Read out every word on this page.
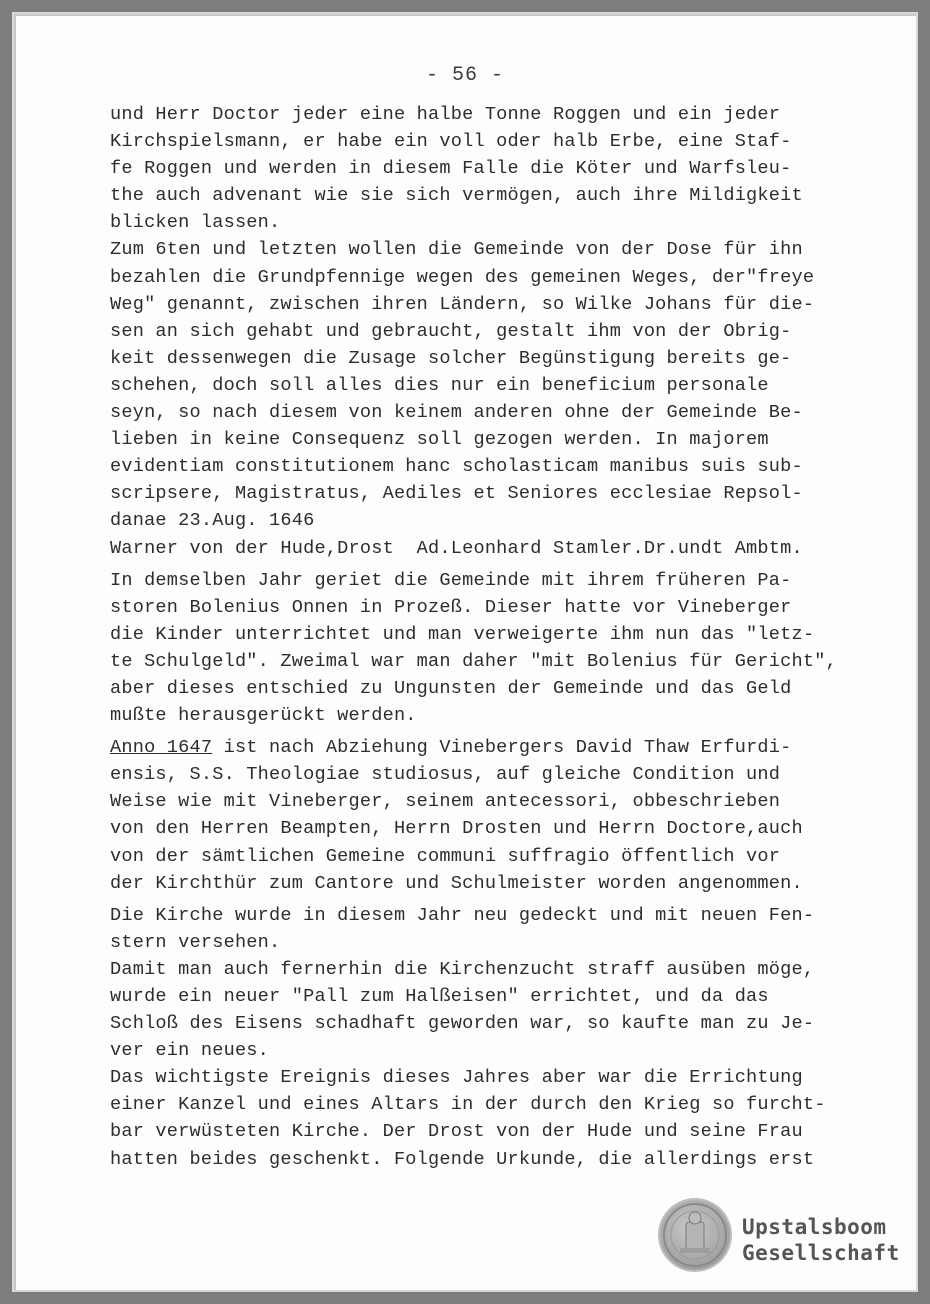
- 56 -
und Herr Doctor jeder eine halbe Tonne Roggen und ein jeder
Kirchspielsmann, er habe ein voll oder halb Erbe, eine Staf-
fe Roggen und werden in diesem Falle die Köter und Warfsleu-
the auch advenant wie sie sich vermögen, auch ihre Mildigkeit
blicken lassen.
Zum 6ten und letzten wollen die Gemeinde von der Dose für ihn
bezahlen die Grundpfennige wegen des gemeinen Weges, der"freye
Weg" genannt, zwischen ihren Ländern, so Wilke Johans für die-
sen an sich gehabt und gebraucht, gestalt ihm von der Obrig-
keit dessenwegen die Zusage solcher Begünstigung bereits ge-
schehen, doch soll alles dies nur ein beneficium personale
seyn, so nach diesem von keinem anderen ohne der Gemeinde Be-
lieben in keine Consequenz soll gezogen werden. In majorem
evidentiam constitutionem hanc scholasticam manibus suis sub-
scripsere, Magistratus, Aediles et Seniores ecclesiae Repsol-
danae 23.Aug. 1646
Warner von der Hude,Drost  Ad.Leonhard Stamler.Dr.undt Ambtm.
In demselben Jahr geriet die Gemeinde mit ihrem früheren Pa-
storen Bolenius Onnen in Prozeß. Dieser hatte vor Vineberger
die Kinder unterrichtet und man verweigerte ihm nun das "letz-
te Schulgeld". Zweimal war man daher "mit Bolenius für Gericht",
aber dieses entschied zu Ungunsten der Gemeinde und das Geld
mußte herausgerückt werden.
Anno 1647 ist nach Abziehung Vinebergers David Thaw Erfurdi-
ensis, S.S. Theologiae studiosus, auf gleiche Condition und
Weise wie mit Vineberger, seinem antecessori, obbeschrieben
von den Herren Beampten, Herrn Drosten und Herrn Doctore,auch
von der sämtlichen Gemeine communi suffragio öffentlich vor
der Kirchthür zum Cantore und Schulmeister worden angenommen.
Die Kirche wurde in diesem Jahr neu gedeckt und mit neuen Fen-
stern versehen.
Damit man auch fernerhin die Kirchenzucht straff ausüben möge,
wurde ein neuer "Pall zum Halßeisen" errichtet, und da das
Schloß des Eisens schadhaft geworden war, so kaufte man zu Je-
ver ein neues.
Das wichtigste Ereignis dieses Jahres aber war die Errichtung
einer Kanzel und eines Altars in der durch den Krieg so furcht-
bar verwüsteten Kirche. Der Drost von der Hude und seine Frau
hatten beides geschenkt. Folgende Urkunde, die allerdings erst
Upstalsboom
Gesellschaft
